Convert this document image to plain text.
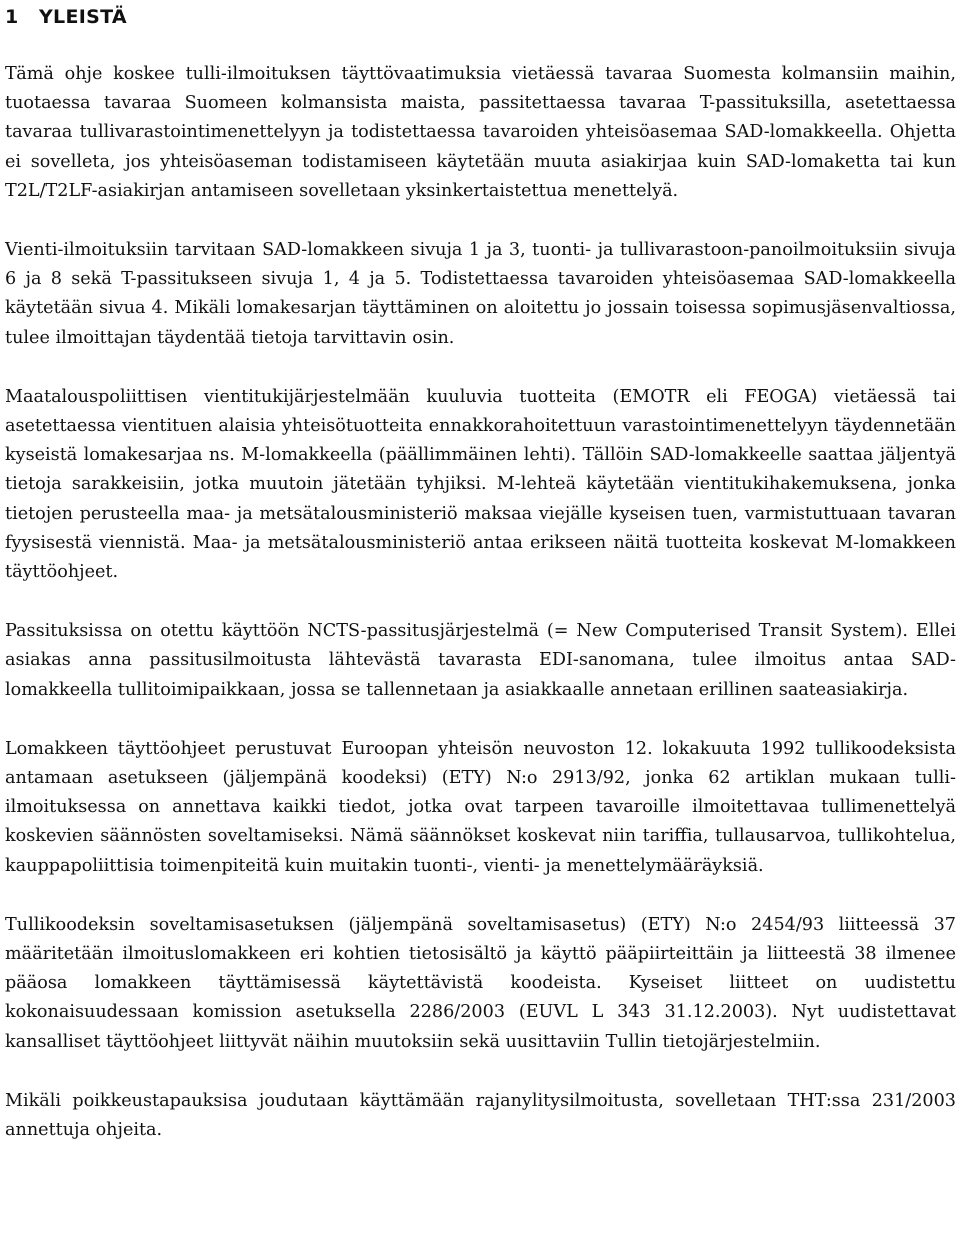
1 YLEISTÄ

Tämä ohje koskee tulli-ilmoituksen täyttövaatimuksia vietäessä tavaraa Suomesta kolmansiin maihin, tuotaessa tavaraa Suomeen kolmansista maista, passitettaessa tavaraa T-passituksilla, asetettaessa tavaraa tullivarastointimenettelyyn ja todistettaessa tavaroiden yhteisöasemaa SAD-lomakkeella. Ohjetta ei sovelleta, jos yhteisöaseman todistamiseen käytetään muuta asiakirjaa kuin SAD-lomaketta tai kun T2L/T2LF-asiakirjan antamiseen sovelletaan yksinkertaistettua menettelyä.

Vienti-ilmoituksiin tarvitaan SAD-lomakkeen sivuja 1 ja 3, tuonti- ja tullivarastoon-panoilmoituksiin sivuja 6 ja 8 sekä T-passitukseen sivuja 1, 4 ja 5. Todistettaessa tavaroiden yhteisöasemaa SAD-lomakkeella käytetään sivua 4. Mikäli lomakesarjan täyttäminen on aloitettu jo jossain toisessa sopimusjäsenvaltiossa, tulee ilmoittajan täydentää tietoja tarvittavin osin.

Maatalouspoliittisen vientitukijärjestelmään kuuluvia tuotteita (EMOTR eli FEOGA) vietäessä tai asetettaessa vientituen alaisia yhteisötuotteita ennakkorahoitettuun varastointimenettelyyn täydennetään kyseistä lomakesarjaa ns. M-lomakkeella (päällimmäinen lehti). Tällöin SAD-lomakkeelle saattaa jäljentyä tietoja sarakkeisiin, jotka muutoin jätetään tyhjiksi. M-lehteä käytetään vientitukihakemuksena, jonka tietojen perusteella maa- ja metsätalousministeriö maksaa viejälle kyseisen tuen, varmistuttuaan tavaran fyysisestä viennistä. Maa- ja metsätalousministeriö antaa erikseen näitä tuotteita koskevat M-lomakkeen täyttöohjeet.

Passituksissa on otettu käyttöön NCTS-passitusjärjestelmä (= New Computerised Transit System). Ellei asiakas anna passitusilmoitusta lähtevästä tavarasta EDI-sanomana, tulee ilmoitus antaa SAD-lomakkeella tullitoimipaikkaan, jossa se tallennetaan ja asiakkaalle annetaan erillinen saateasiakirja.

Lomakkeen täyttöohjeet perustuvat Euroopan yhteisön neuvoston 12. lokakuuta 1992 tullikoodeksista antamaan asetukseen (jäljempänä koodeksi) (ETY) N:o 2913/92, jonka 62 artiklan mukaan tulli-ilmoituksessa on annettava kaikki tiedot, jotka ovat tarpeen tavaroille ilmoitettavaa tullimenettelyä koskevien säännösten soveltamiseksi. Nämä säännökset koskevat niin tariffia, tullausarvoa, tullikohtelua, kauppapoliittisia toimenpiteitä kuin muitakin tuonti-, vienti- ja menettelymääräyksiä.

Tullikoodeksin soveltamisasetuksen (jäljempänä soveltamisasetus) (ETY) N:o 2454/93 liitteessä 37 määritetään ilmoituslomakkeen eri kohtien tietosisältö ja käyttö pääpiirteittäin ja liitteestä 38 ilmenee pääosa lomakkeen täyttämisessä käytettävistä koodeista. Kyseiset liitteet on uudistettu kokonaisuudessaan komission asetuksella 2286/2003 (EUVL L 343 31.12.2003). Nyt uudistettavat kansalliset täyttöohjeet liittyvät näihin muutoksiin sekä uusittaviin Tullin tietojärjestelmiin.

Mikäli poikkeustapauksisa joudutaan käyttämään rajanylitysilmoitusta, sovelletaan THT:ssa 231/2003 annettuja ohjeita.
